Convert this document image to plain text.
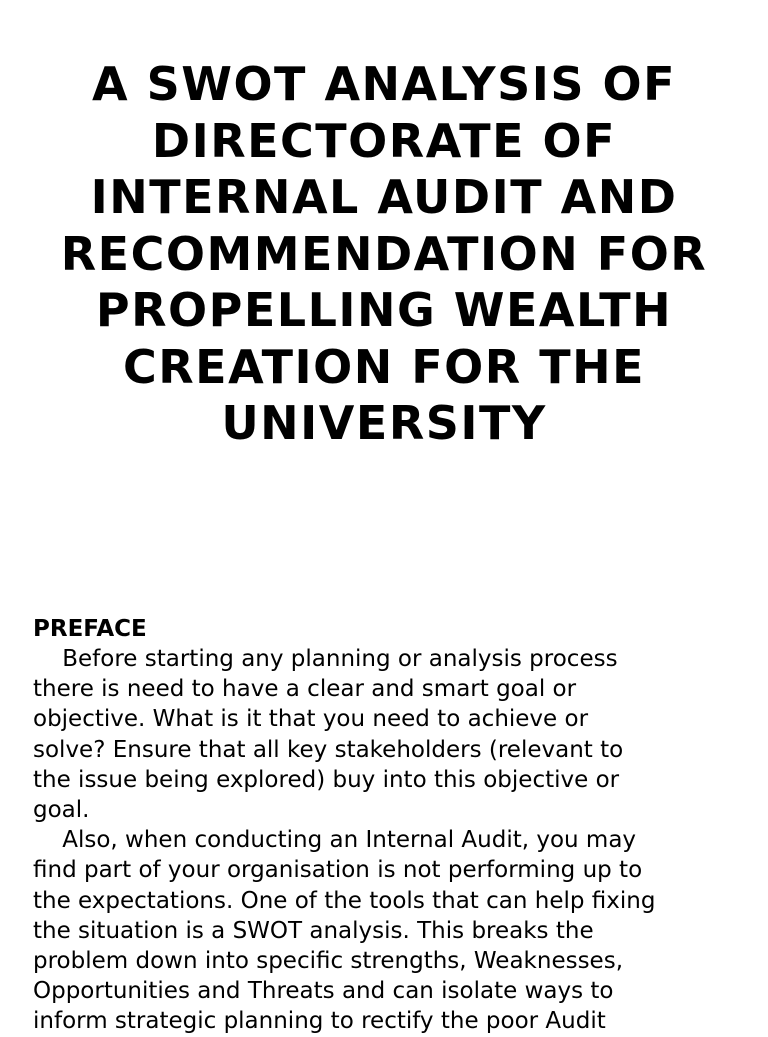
A SWOT ANALYSIS OF
DIRECTORATE OF
INTERNAL AUDIT AND
RECOMMENDATION FOR
PROPELLING WEALTH
CREATION FOR THE
UNIVERSITY
PREFACE
Before starting any planning or analysis process
there is need to have a clear and smart goal or
objective. What is it that you need to achieve or
solve? Ensure that all key stakeholders (relevant to
the issue being explored) buy into this objective or
goal.
Also, when conducting an Internal Audit, you may
find part of your organisation is not performing up to
the expectations. One of the tools that can help fixing
the situation is a SWOT analysis. This breaks the
problem down into specific strengths, Weaknesses,
Opportunities and Threats and can isolate ways to
inform strategic planning to rectify the poor Audit
